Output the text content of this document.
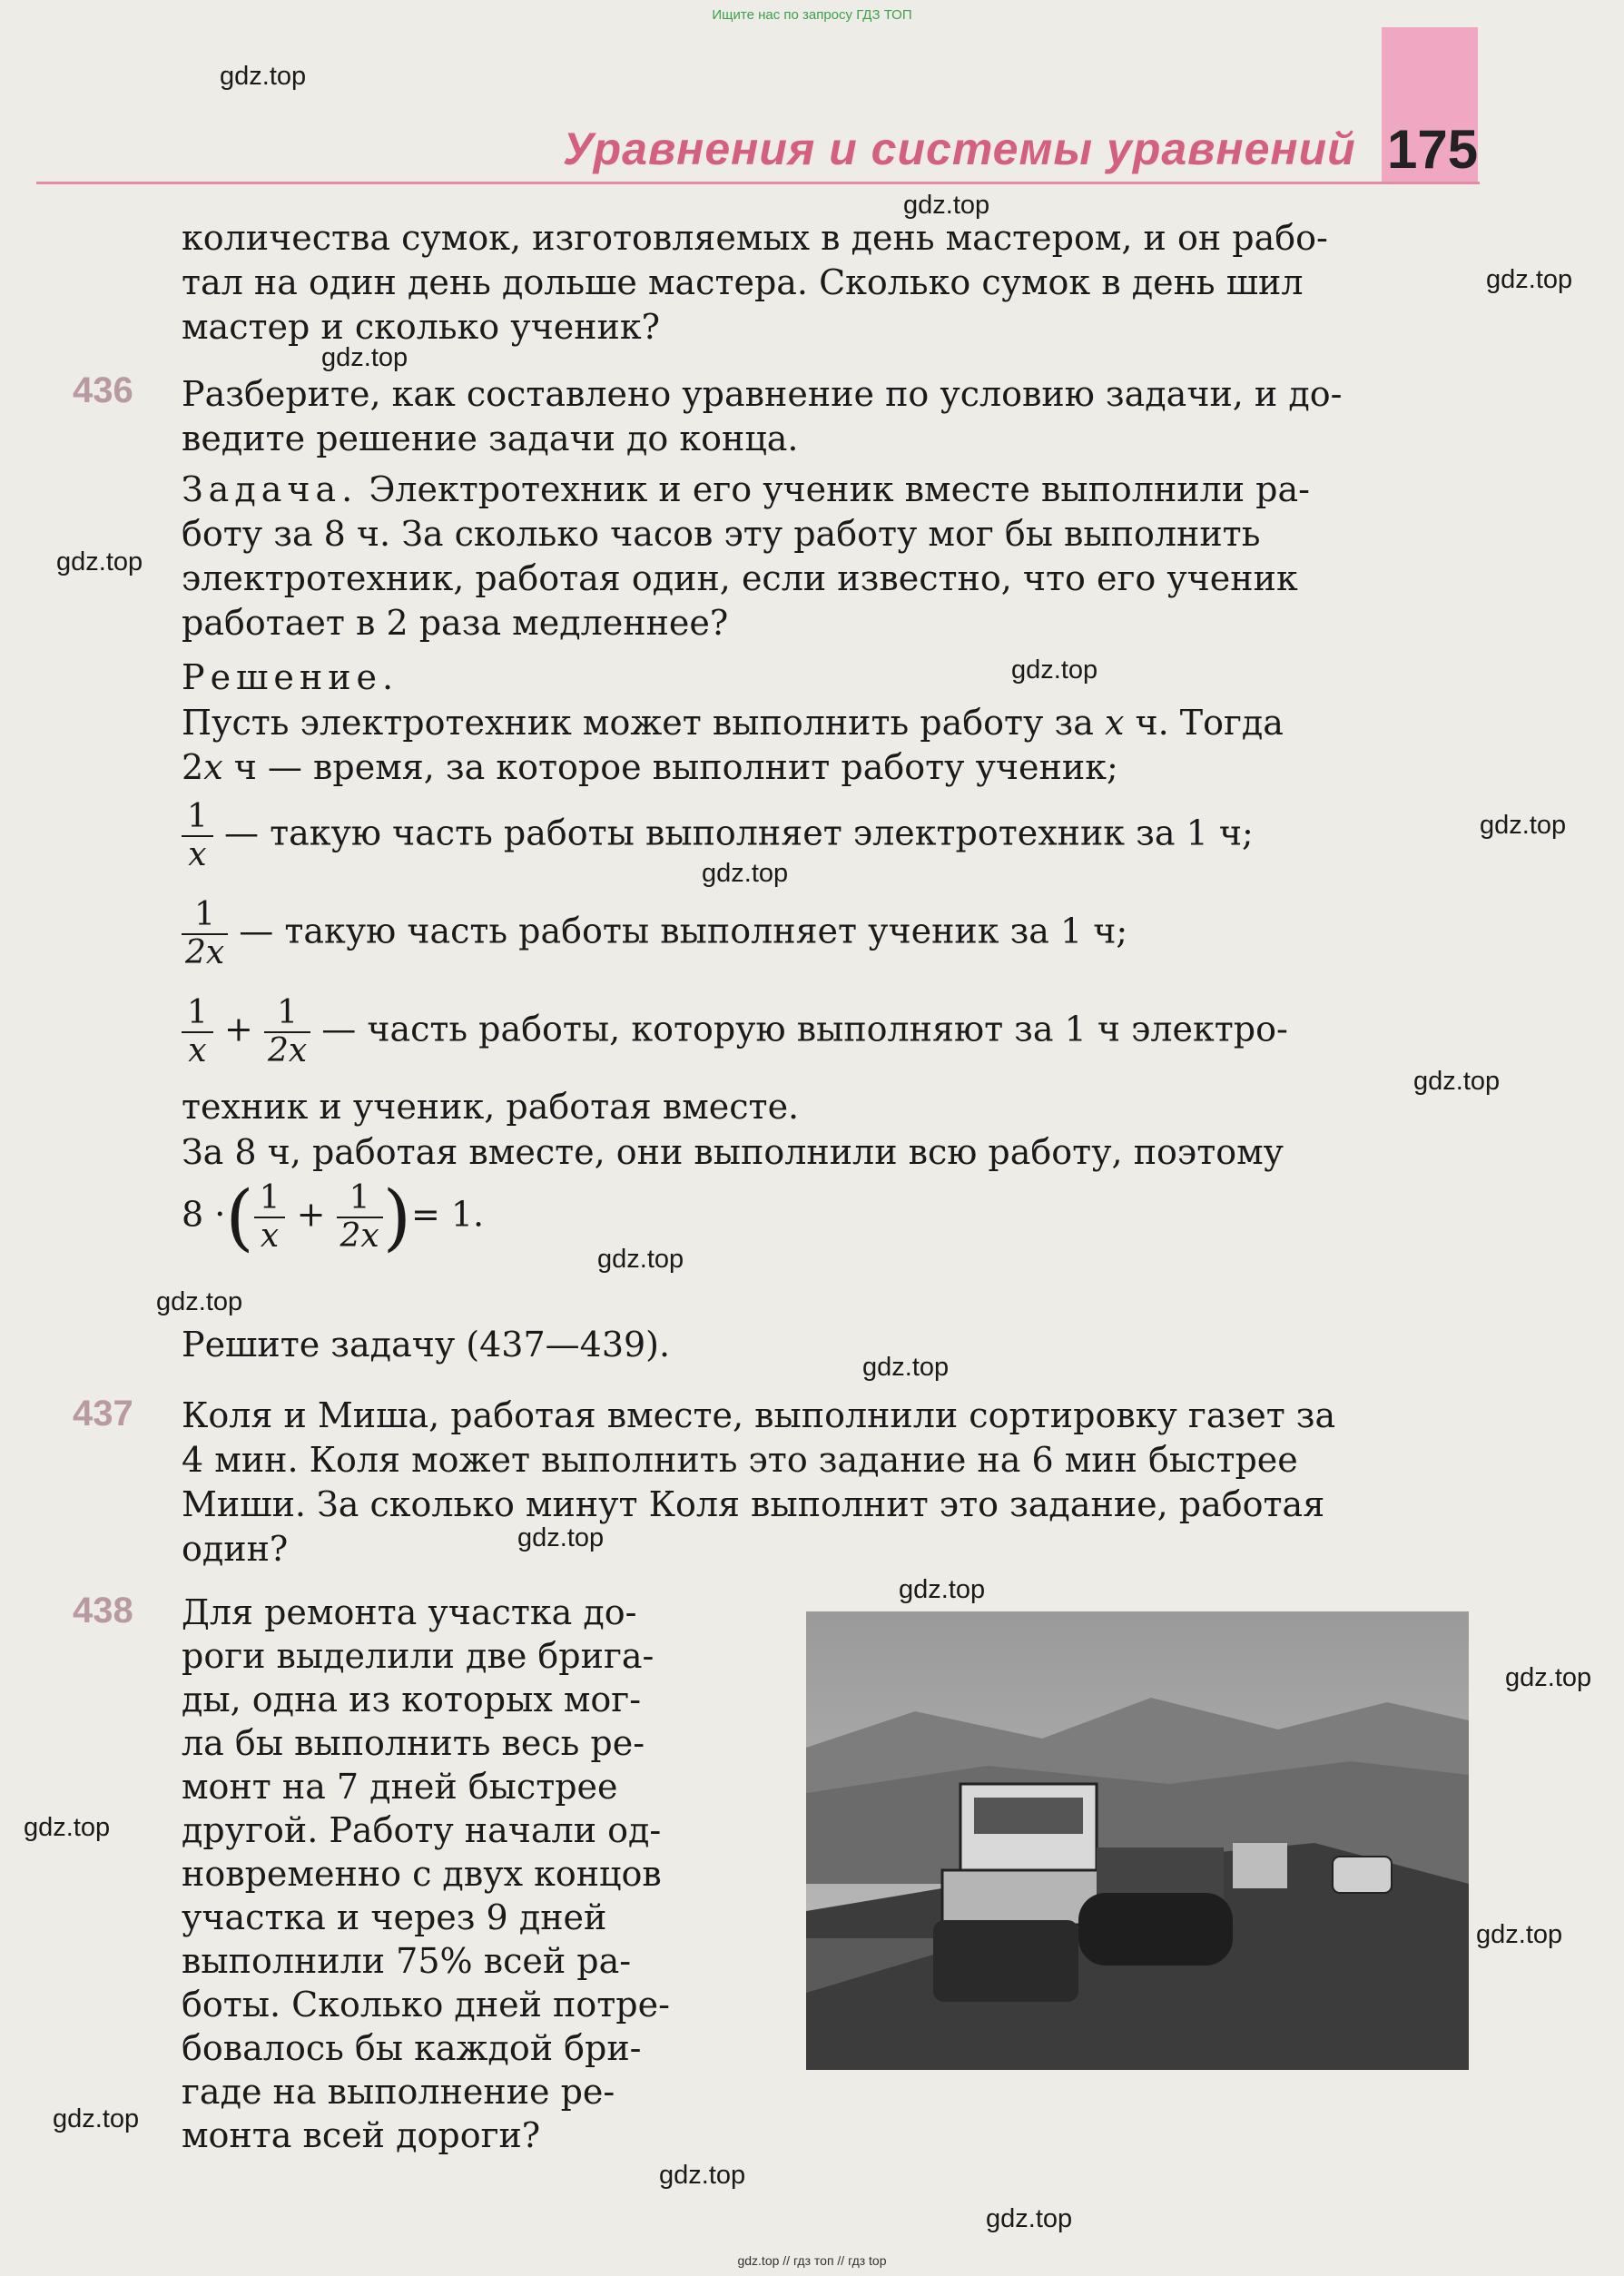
Ищите нас по запросу ГДЗ ТОП
Уравнения и системы уравнений 175
gdz.top
gdz.top
gdz.top
gdz.top
gdz.top
gdz.top
gdz.top
gdz.top
gdz.top
gdz.top
gdz.top
gdz.top
gdz.top
gdz.top
gdz.top
gdz.top
gdz.top
gdz.top
gdz.top
gdz.top
количества сумок, изготовляемых в день мастером, и он рабо-
тал на один день дольше мастера. Сколько сумок в день шил
мастер и сколько ученик?
436 Разберите, как составлено уравнение по условию задачи, и до-
ведите решение задачи до конца.
Задача. Электротехник и его ученик вместе выполнили ра-
боту за 8 ч. За сколько часов эту работу мог бы выполнить
электротехник, работая один, если известно, что его ученик
работает в 2 раза медленнее?
Решение.
Пусть электротехник может выполнить работу за x ч. Тогда
2x ч — время, за которое выполнит работу ученик;
$\frac{1}{x}$ — такую часть работы выполняет электротехник за 1 ч;
$\frac{1}{2x}$ — такую часть работы выполняет ученик за 1 ч;
$\frac{1}{x} + \frac{1}{2x}$ — часть работы, которую выполняют за 1 ч электро-
техник и ученик, работая вместе.
За 8 ч, работая вместе, они выполнили всю работу, поэтому
8 ·( $\frac{1}{x} + \frac{1}{2x}$ )= 1.
Решите задачу (437—439).
437 Коля и Миша, работая вместе, выполнили сортировку газет за
4 мин. Коля может выполнить это задание на 6 мин быстрее
Миши. За сколько минут Коля выполнит это задание, работая
один?
438 Для ремонта участка до-
роги выделили две бригa-
ды, одна из которых мог-
ла бы выполнить весь ре-
монт на 7 дней быстрее
другой. Работу начали од-
новременно с двух концов
участка и через 9 дней
выполнили 75% всей ра-
боты. Сколько дней потре-
бовалось бы каждой бри-
гаде на выполнение ре-
монта всей дороги?
gdz.top // гдз топ // гдз top
